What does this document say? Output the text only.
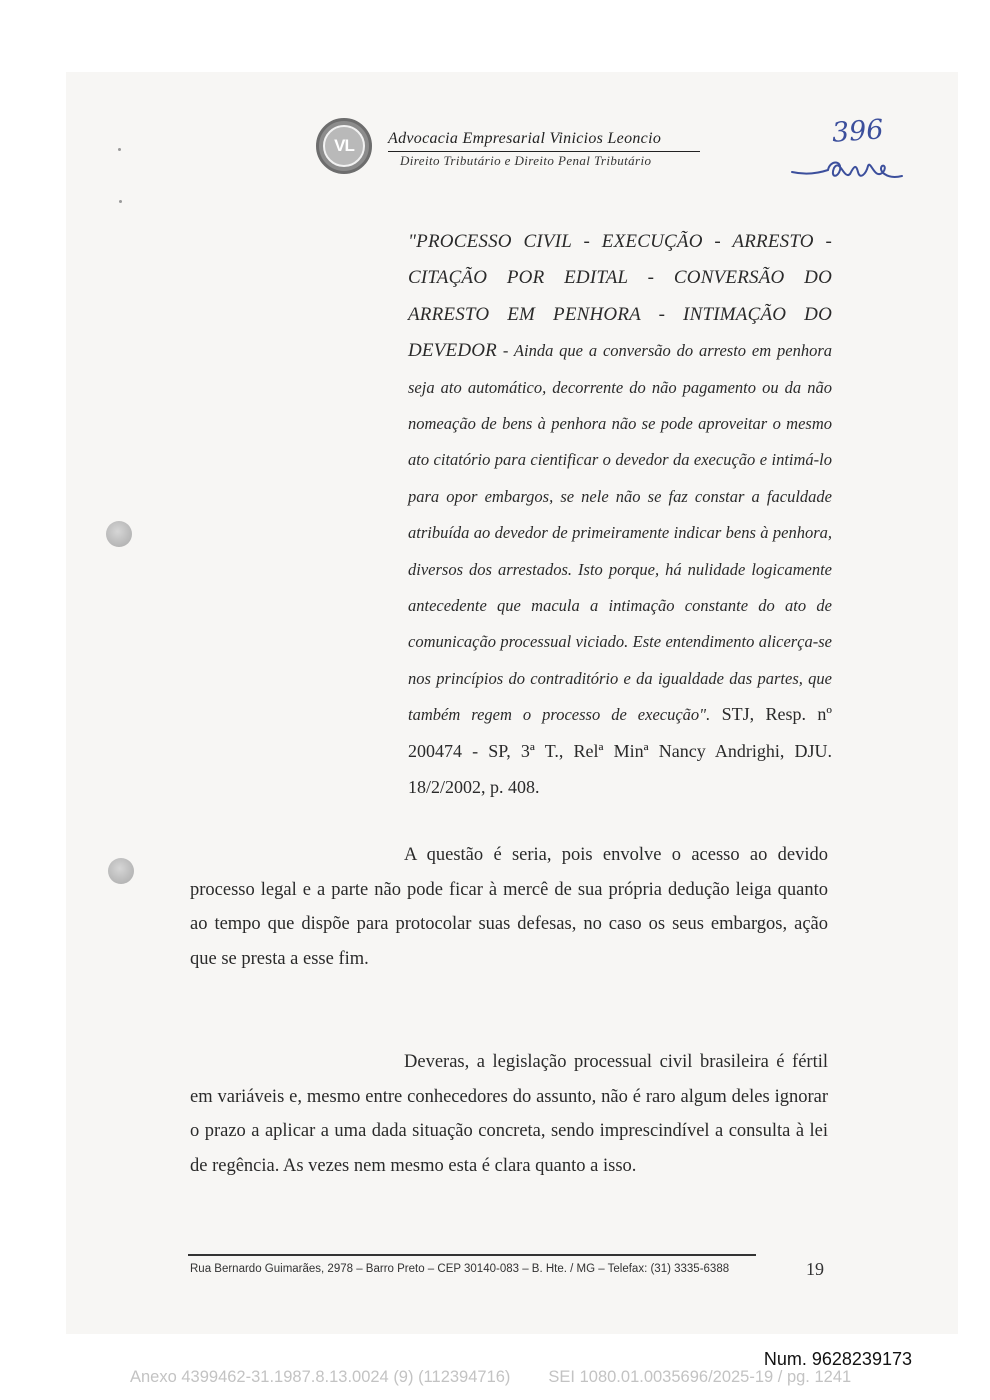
VL	Advocacia Empresarial Vinicios Leoncio
Direito Tributário e Direito Penal Tributário
396
"PROCESSO CIVIL - EXECUÇÃO - ARRESTO - CITAÇÃO POR EDITAL - CONVERSÃO DO ARRESTO EM PENHORA - INTIMAÇÃO DO DEVEDOR - Ainda que a conversão do arresto em penhora seja ato automático, decorrente do não pagamento ou da não nomeação de bens à penhora não se pode aproveitar o mesmo ato citatório para cientificar o devedor da execução e intimá-lo para opor embargos, se nele não se faz constar a faculdade atribuída ao devedor de primeiramente indicar bens à penhora, diversos dos arrestados. Isto porque, há nulidade logicamente antecedente que macula a intimação constante do ato de comunicação processual viciado. Este entendimento alicerça-se nos princípios do contraditório e da igualdade das partes, que também regem o processo de execução". STJ, Resp. nº 200474 - SP, 3ª T., Relª Minª Nancy Andrighi, DJU. 18/2/2002, p. 408.
A questão é seria, pois envolve o acesso ao devido processo legal e a parte não pode ficar à mercê de sua própria dedução leiga quanto ao tempo que dispõe para protocolar suas defesas, no caso os seus embargos, ação que se presta a esse fim.
Deveras, a legislação processual civil brasileira é fértil em variáveis e, mesmo entre conhecedores do assunto, não é raro algum deles ignorar o prazo a aplicar a uma dada situação concreta, sendo imprescindível a consulta à lei de regência. As vezes nem mesmo esta é clara quanto a isso.
Rua Bernardo Guimarães, 2978 – Barro Preto – CEP 30140-083 – B. Hte. / MG – Telefax: (31) 3335-6388	19
Num. 9628239173
Anexo 4399462-31.1987.8.13.0024 (9) (112394716) SEI 1080.01.0035696/2025-19 / pg. 1241
